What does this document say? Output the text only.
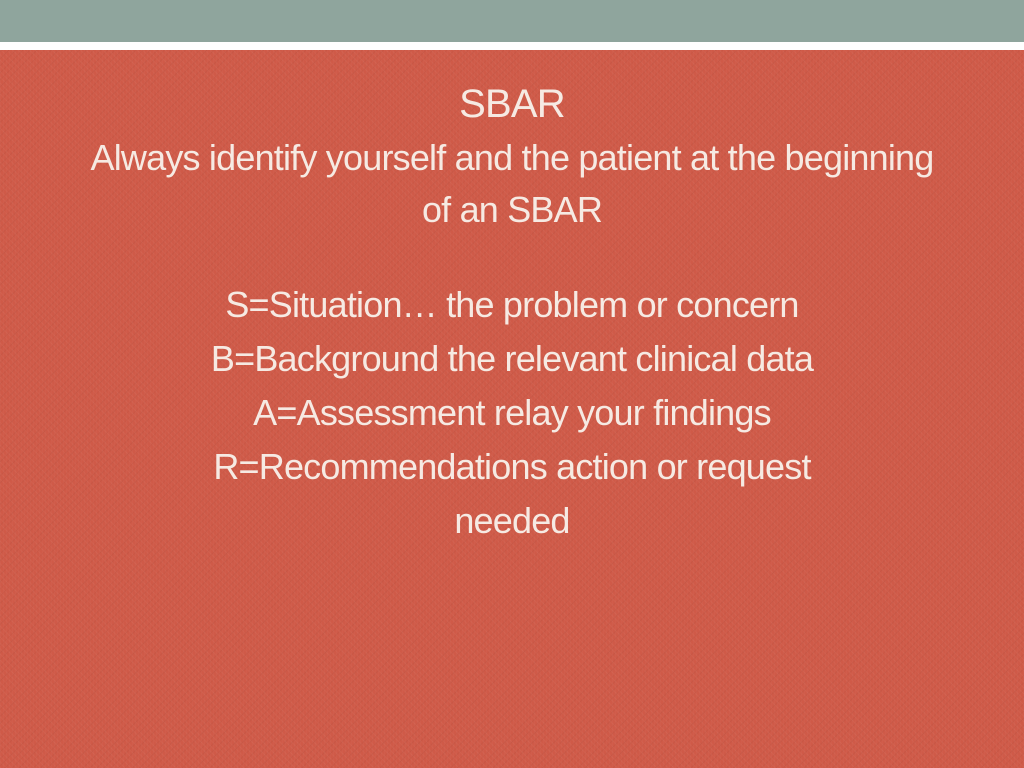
SBAR
Always identify yourself and the patient at the beginning of an SBAR
S=Situation… the problem or concern
B=Background the relevant clinical data
A=Assessment relay your findings
R=Recommendations action or request needed
